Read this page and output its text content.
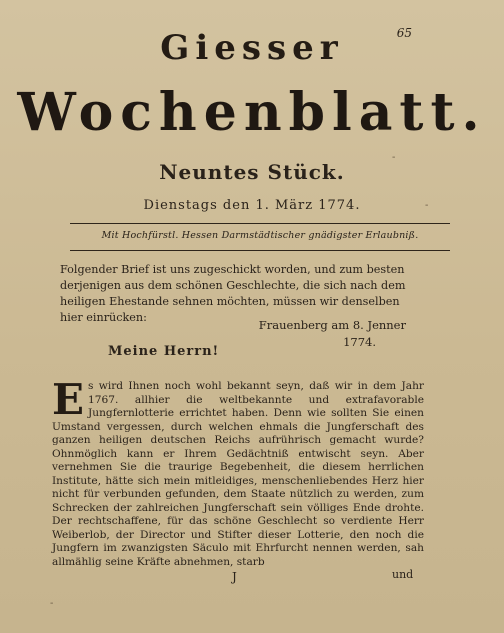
65
Giesser
Wochenblatt.
Neuntes Stück.
Dienstags den 1. März 1774.
Mit Hochfürstl. Hessen Darmstädtischer gnädigster Erlaubniß.

Folgender Brief ist uns zugeschickt worden, und zum besten derjenigen aus dem schönen Geschlechte, die sich nach dem heiligen Ehestande sehnen möchten, müssen wir denselben hier einrücken:

Frauenberg am 8. Jenner
1774.
Meine Herrn!

E s wird Ihnen noch wohl bekannt seyn, daß wir in dem Jahr 1767. allhier die weltbekannte und extrafavorable Jungfernlotterie errichtet haben. Denn wie sollten Sie einen Umstand vergessen, durch welchen ehmals die Jungferschaft des ganzen heiligen deutschen Reichs aufrührisch gemacht wurde? Ohnmöglich kann er Ihrem Gedächtniß entwischt seyn. Aber vernehmen Sie die traurige Begebenheit, die diesem herrlichen Institute, hätte sich mein mitleidiges, menschenliebendes Herz hier nicht für verbunden gefunden, dem Staate nützlich zu werden, zum Schrecken der zahlreichen Jungferschaft sein völliges Ende drohte. Der rechtschaffene, für das schöne Geschlecht so verdiente Herr Weiberlob, der Director und Stifter dieser Lotterie, den noch die Jungfern im zwanzigsten Säculo mit Ehrfurcht nennen werden, sah allmählig seine Kräfte abnehmen, starb

J	und
-
-
-
